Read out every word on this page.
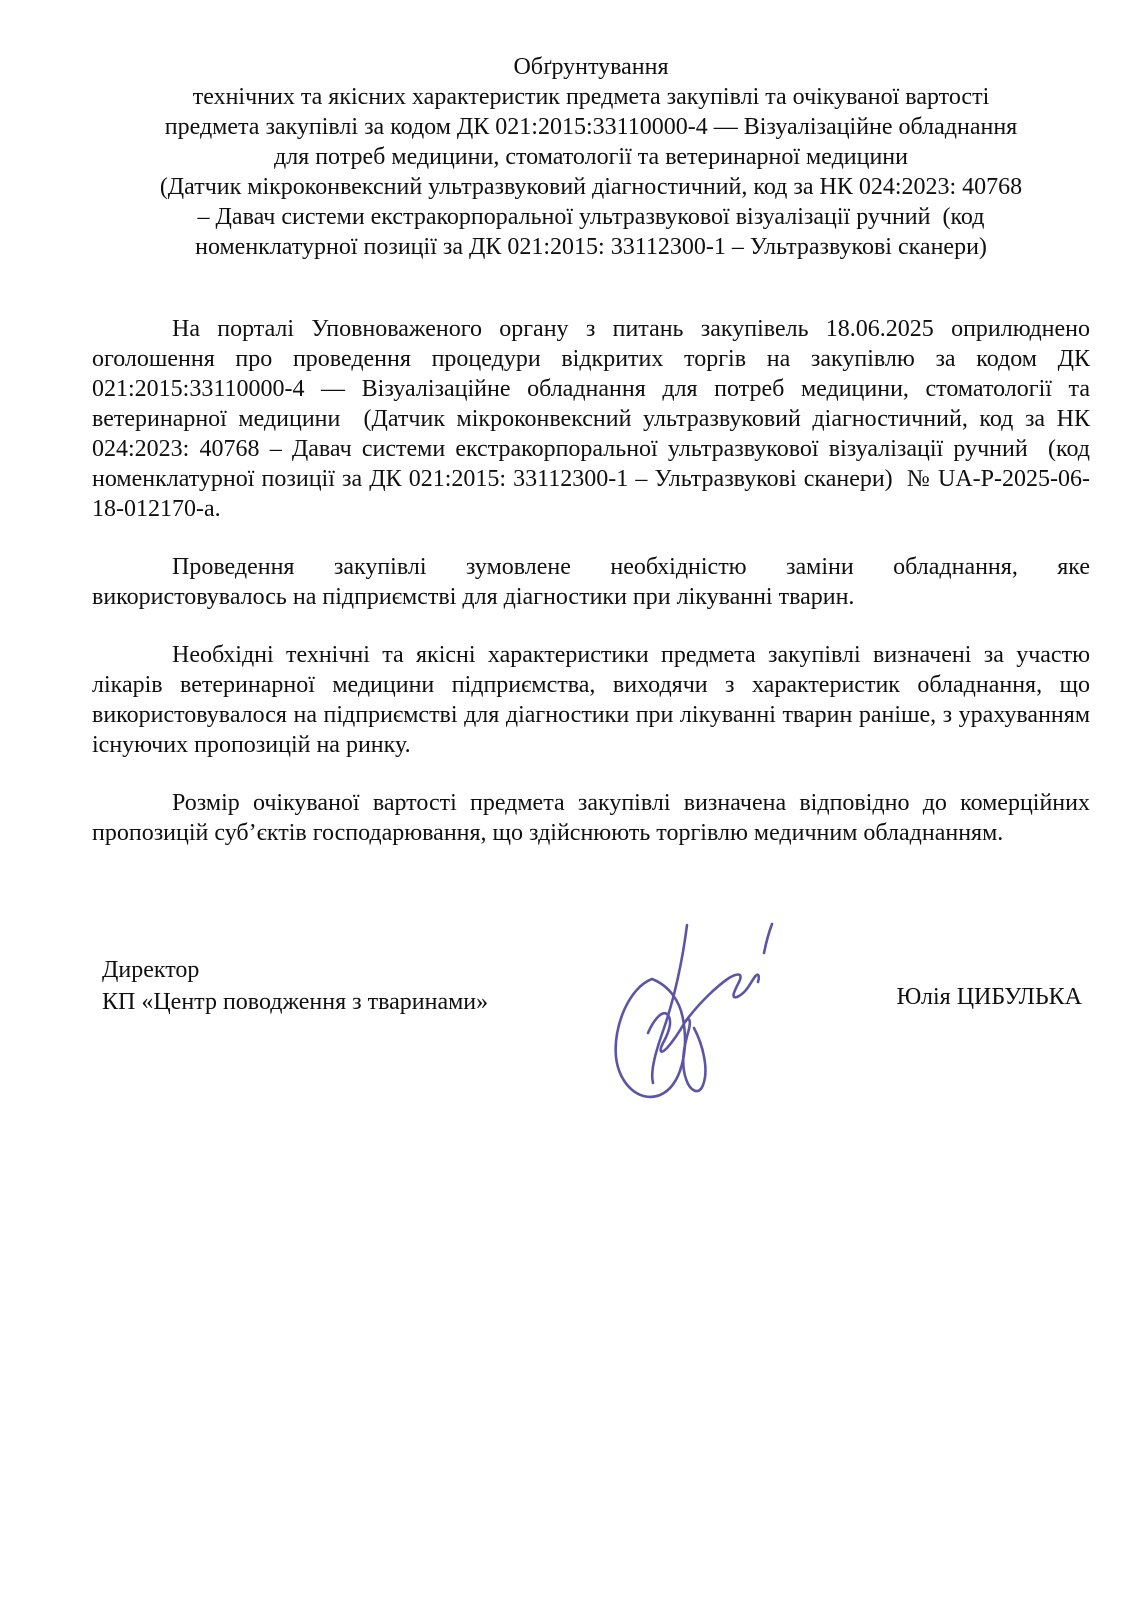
Обґрунтування
технічних та якісних характеристик предмета закупівлі та очікуваної вартості
предмета закупівлі за кодом ДК 021:2015:33110000-4 — Візуалізаційне обладнання
для потреб медицини, стоматології та ветеринарної медицини
(Датчик мікроконвексний ультразвуковий діагностичний, код за НК 024:2023: 40768
– Давач системи екстракорпоральної ультразвукової візуалізації ручний  (код
номенклатурної позиції за ДК 021:2015: 33112300-1 – Ультразвукові сканери)

На порталі Уповноваженого органу з питань закупівель 18.06.2025 оприлюднено оголошення про проведення процедури відкритих торгів на закупівлю за кодом ДК 021:2015:33110000-4 — Візуалізаційне обладнання для потреб медицини, стоматології та ветеринарної медицини  (Датчик мікроконвексний ультразвуковий діагностичний, код за НК 024:2023: 40768 – Давач системи екстракорпоральної ультразвукової візуалізації ручний  (код номенклатурної позиції за ДК 021:2015: 33112300-1 – Ультразвукові сканери)  № UA-P-2025-06-18-012170-а.

Проведення закупівлі зумовлене необхідністю заміни обладнання, яке використовувалось на підприємстві для діагностики при лікуванні тварин.

Необхідні технічні та якісні характеристики предмета закупівлі визначені за участю лікарів ветеринарної медицини підприємства, виходячи з характеристик обладнання, що використовувалося на підприємстві для діагностики при лікуванні тварин раніше, з урахуванням існуючих пропозицій на ринку.

Розмір очікуваної вартості предмета закупівлі визначена відповідно до комерційних пропозицій суб’єктів господарювання, що здійснюють торгівлю медичним обладнанням.

Директор
КП «Центр поводження з тваринами»	Юлія ЦИБУЛЬКА
